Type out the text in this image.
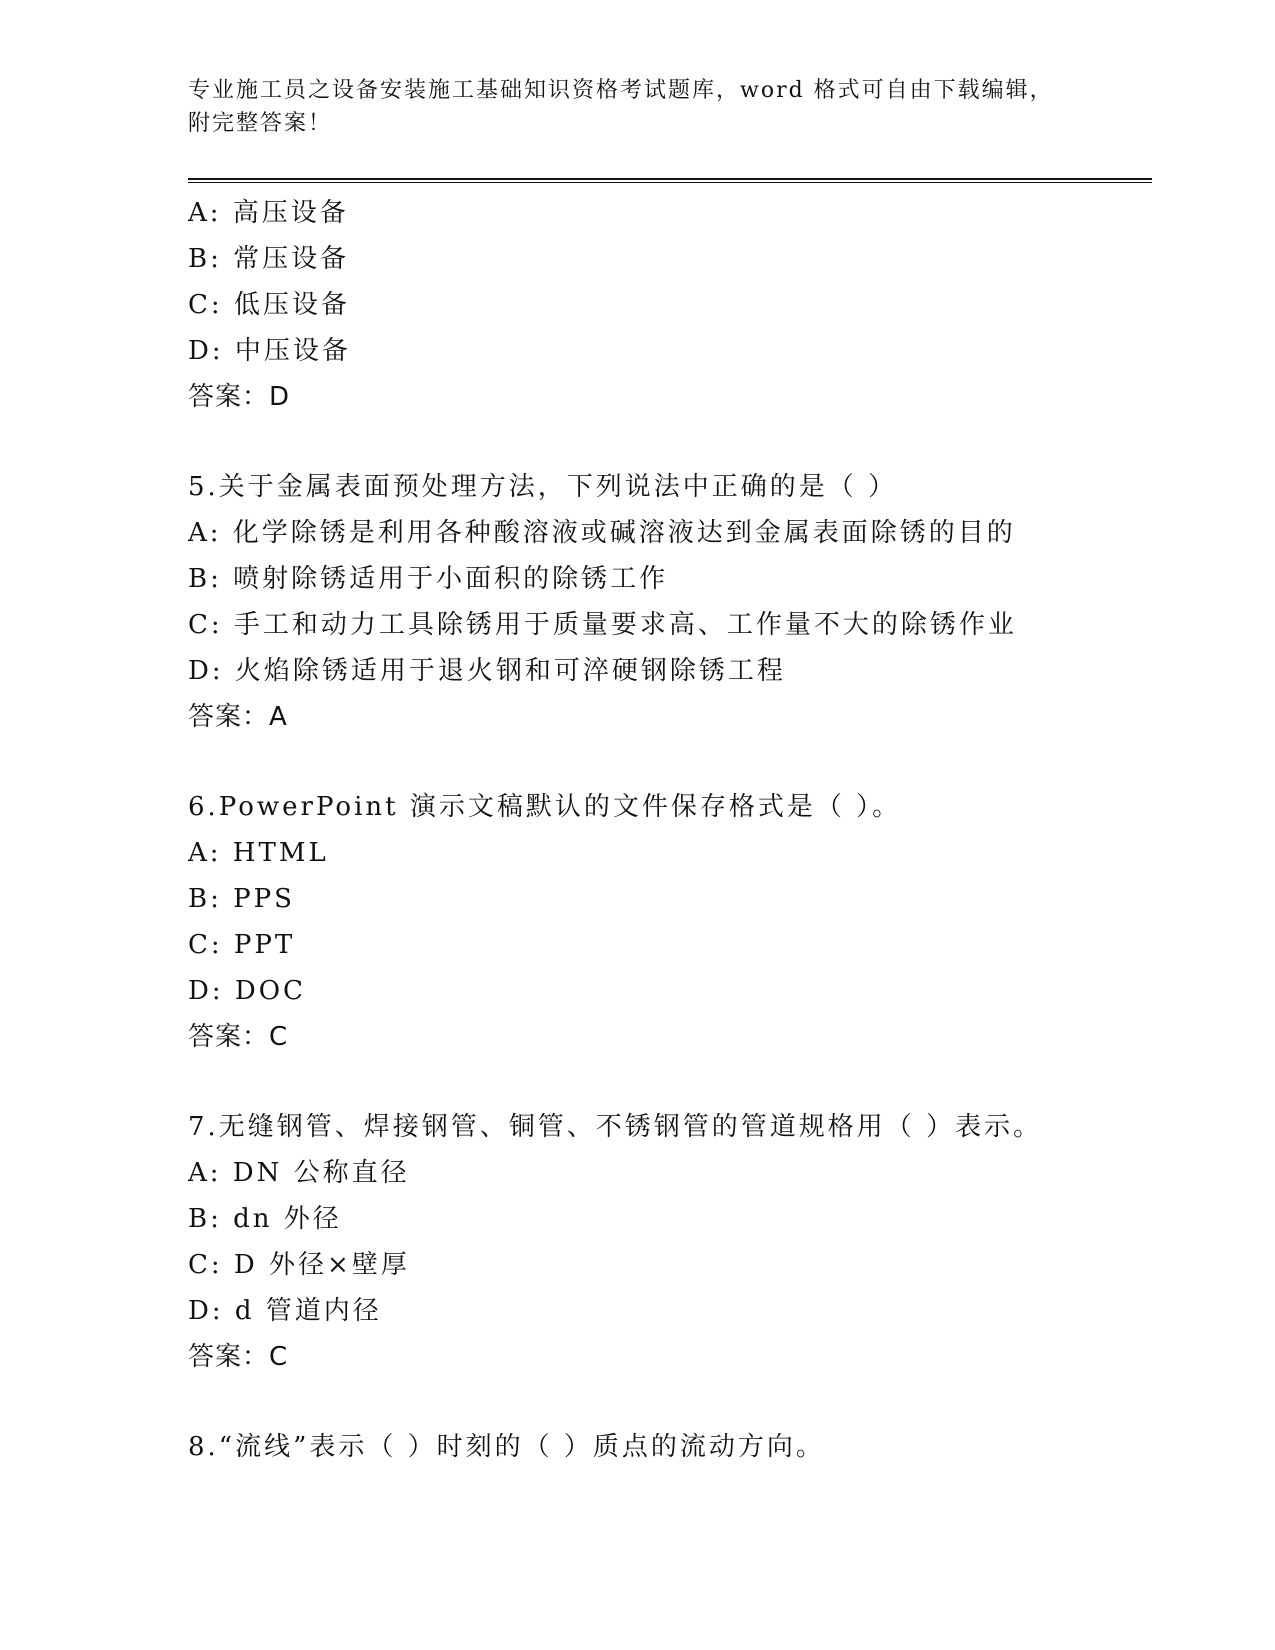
专业施工员之设备安装施工基础知识资格考试题库，word 格式可自由下载编辑，
附完整答案！
A: 高压设备
B: 常压设备
C: 低压设备
D: 中压设备
答案：D
5.关于金属表面预处理方法，下列说法中正确的是（ ）
A: 化学除锈是利用各种酸溶液或碱溶液达到金属表面除锈的目的
B: 喷射除锈适用于小面积的除锈工作
C: 手工和动力工具除锈用于质量要求高、工作量不大的除锈作业
D: 火焰除锈适用于退火钢和可淬硬钢除锈工程
答案：A
6.PowerPoint 演示文稿默认的文件保存格式是（ ）。
A: HTML
B: PPS
C: PPT
D: DOC
答案：C
7.无缝钢管、焊接钢管、铜管、不锈钢管的管道规格用（ ）表示。
A: DN 公称直径
B: dn 外径
C: D 外径×壁厚
D: d 管道内径
答案：C
8.“流线”表示（ ）时刻的（ ）质点的流动方向。
